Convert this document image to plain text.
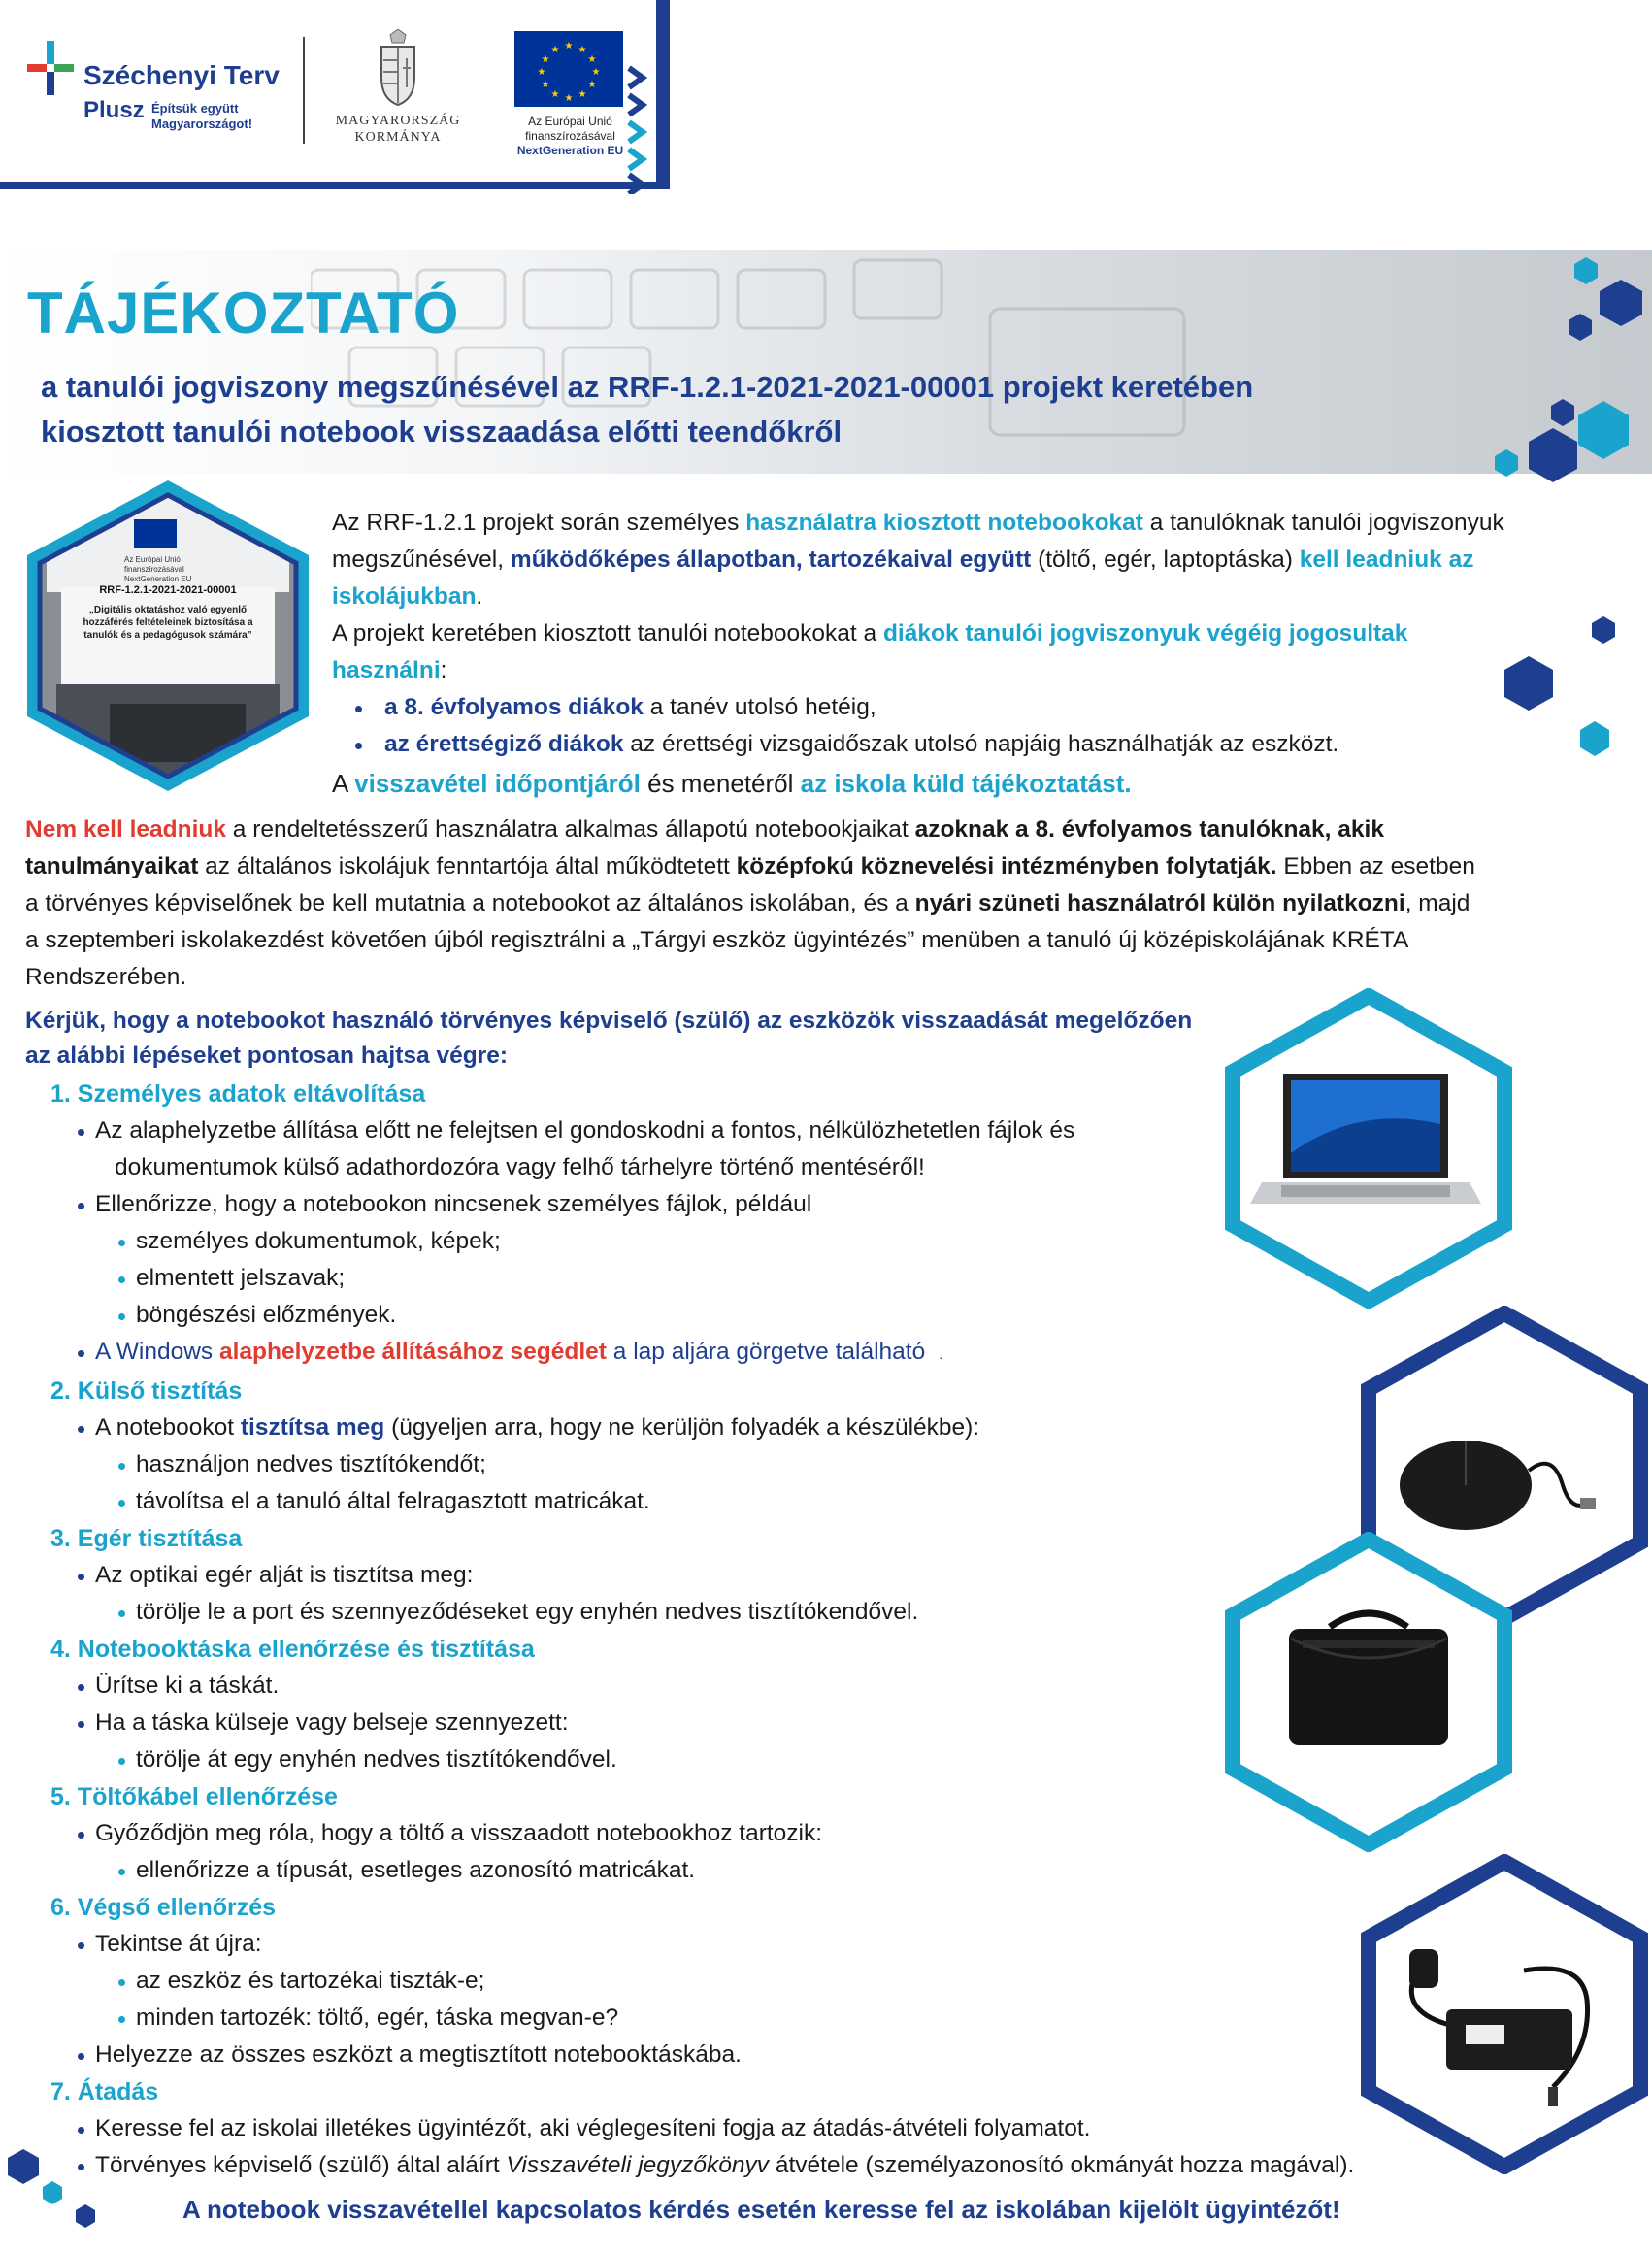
Széchenyi Terv
Plusz Építsük együtt Magyarországot!	MAGYARORSZÁG
KORMÁNYA
★ ★
★
★
★
★
★
★
★
★
★
★
Az Európai Unió
finanszírozásával
NextGeneration EU
TÁJÉKOZTATÓ
a tanulói jogviszony megszűnésével az RRF-1.2.1-2021-2021-00001 projekt keretében
kiosztott tanulói notebook visszaadása előtti teendőkről
Az Európai Unió finanszírozásával NextGeneration EU
RRF-1.2.1-2021-2021-00001
„Digitális oktatáshoz való egyenlő hozzáférés feltételeinek biztosítása a tanulók és a pedagógusok számára”
Az RRF-1.2.1 projekt során személyes használatra kiosztott notebookokat a tanulóknak tanulói jogviszonyuk
megszűnésével, működőképes állapotban, tartozékaival együtt (töltő, egér, laptoptáska) kell leadniuk az
iskolájukban.
A projekt keretében kiosztott tanulói notebookokat a diákok tanulói jogviszonyuk végéig jogosultak
használni:
a 8. évfolyamos diákok a tanév utolsó hetéig,
az érettségiző diákok az érettségi vizsgaidőszak utolsó napjáig használhatják az eszközt.
A visszavétel időpontjáról és menetéről az iskola küld tájékoztatást.
Nem kell leadniuk a rendeltetésszerű használatra alkalmas állapotú notebookjaikat azoknak a 8. évfolyamos tanulóknak, akik
tanulmányaikat az általános iskolájuk fenntartója által működtetett középfokú köznevelési intézményben folytatják. Ebben az esetben
a törvényes képviselőnek be kell mutatnia a notebookot az általános iskolában, és a nyári szüneti használatról külön nyilatkozni, majd
a szeptemberi iskolakezdést követően újból regisztrálni a „Tárgyi eszköz ügyintézés” menüben a tanuló új középiskolájának KRÉTA
Rendszerében.
Kérjük, hogy a notebookot használó törvényes képviselő (szülő) az eszközök visszaadását megelőzően
az alábbi lépéseket pontosan hajtsa végre:
1. Személyes adatok eltávolítása
Az alaphelyzetbe állítása előtt ne felejtsen el gondoskodni a fontos, nélkülözhetetlen fájlok és
dokumentumok külső adathordozóra vagy felhő tárhelyre történő mentéséről!
Ellenőrizze, hogy a notebookon nincsenek személyes fájlok, például
személyes dokumentumok, képek;
elmentett jelszavak;
böngészési előzmények.
A Windows alaphelyzetbe állításához segédlet a lap aljára görgetve található .
2. Külső tisztítás
A notebookot tisztítsa meg (ügyeljen arra, hogy ne kerüljön folyadék a készülékbe):
használjon nedves tisztítókendőt;
távolítsa el a tanuló által felragasztott matricákat.
3. Egér tisztítása
Az optikai egér alját is tisztítsa meg:
törölje le a port és szennyeződéseket egy enyhén nedves tisztítókendővel.
4. Notebooktáska ellenőrzése és tisztítása
Ürítse ki a táskát.
Ha a táska külseje vagy belseje szennyezett:
törölje át egy enyhén nedves tisztítókendővel.
5. Töltőkábel ellenőrzése
Győződjön meg róla, hogy a töltő a visszaadott notebookhoz tartozik:
ellenőrizze a típusát, esetleges azonosító matricákat.
6. Végső ellenőrzés
Tekintse át újra:
az eszköz és tartozékai tiszták-e;
minden tartozék: töltő, egér, táska megvan-e?
Helyezze az összes eszközt a megtisztított notebooktáskába.
7. Átadás
Keresse fel az iskolai illetékes ügyintézőt, aki véglegesíteni fogja az átadás-átvételi folyamatot.
Törvényes képviselő (szülő) által aláírt Visszavételi jegyzőkönyv átvétele (személyazonosító okmányát hozza magával).
A notebook visszavétellel kapcsolatos kérdés esetén keresse fel az iskolában kijelölt ügyintézőt!
